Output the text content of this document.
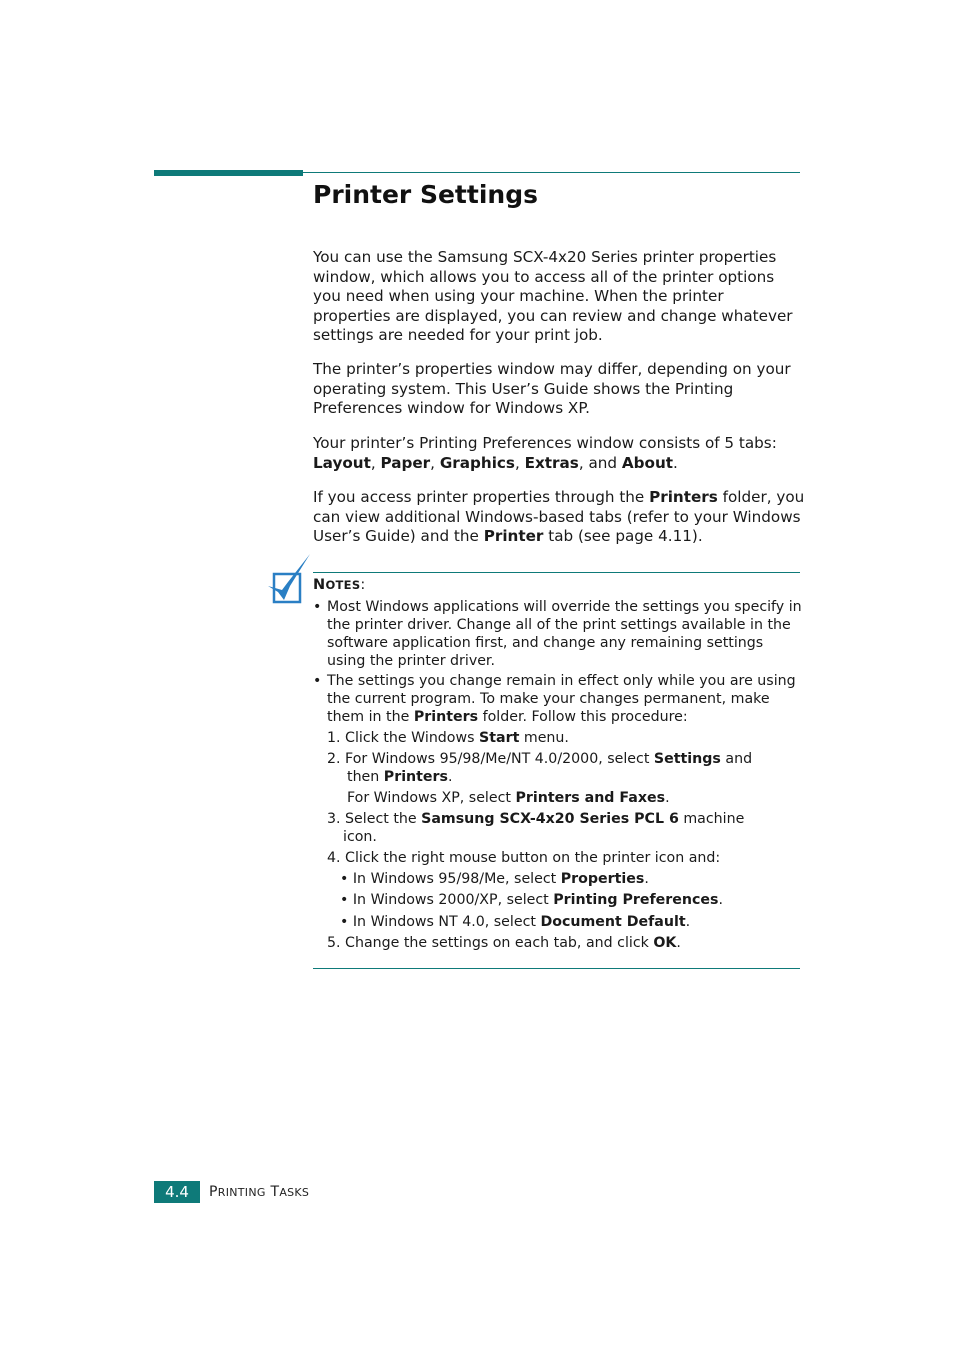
Printer Settings

You can use the Samsung SCX-4x20 Series printer properties window, which allows you to access all of the printer options you need when using your machine. When the printer properties are displayed, you can review and change whatever settings are needed for your print job.

The printer’s properties window may differ, depending on your operating system. This User’s Guide shows the Printing Preferences window for Windows XP.

Your printer’s Printing Preferences window consists of 5 tabs:
Layout, Paper, Graphics, Extras, and About.

If you access printer properties through the Printers folder, you can view additional Windows-based tabs (refer to your Windows User’s Guide) and the Printer tab (see page 4.11).

NOTES:

• Most Windows applications will override the settings you specify in the printer driver. Change all of the print settings available in the software application first, and change any remaining settings using the printer driver.

• The settings you change remain in effect only while you are using the current program. To make your changes permanent, make them in the Printers folder. Follow this procedure:

1. Click the Windows Start menu.

2. For Windows 95/98/Me/NT 4.0/2000, select Settings and

then Printers.

For Windows XP, select Printers and Faxes.

3. Select the Samsung SCX-4x20 Series PCL 6 machine

icon.

4. Click the right mouse button on the printer icon and:

• In Windows 95/98/Me, select Properties.

• In Windows 2000/XP, select Printing Preferences.

• In Windows NT 4.0, select Document Default.

5. Change the settings on each tab, and click OK.

4.4	PRINTING TASKS
